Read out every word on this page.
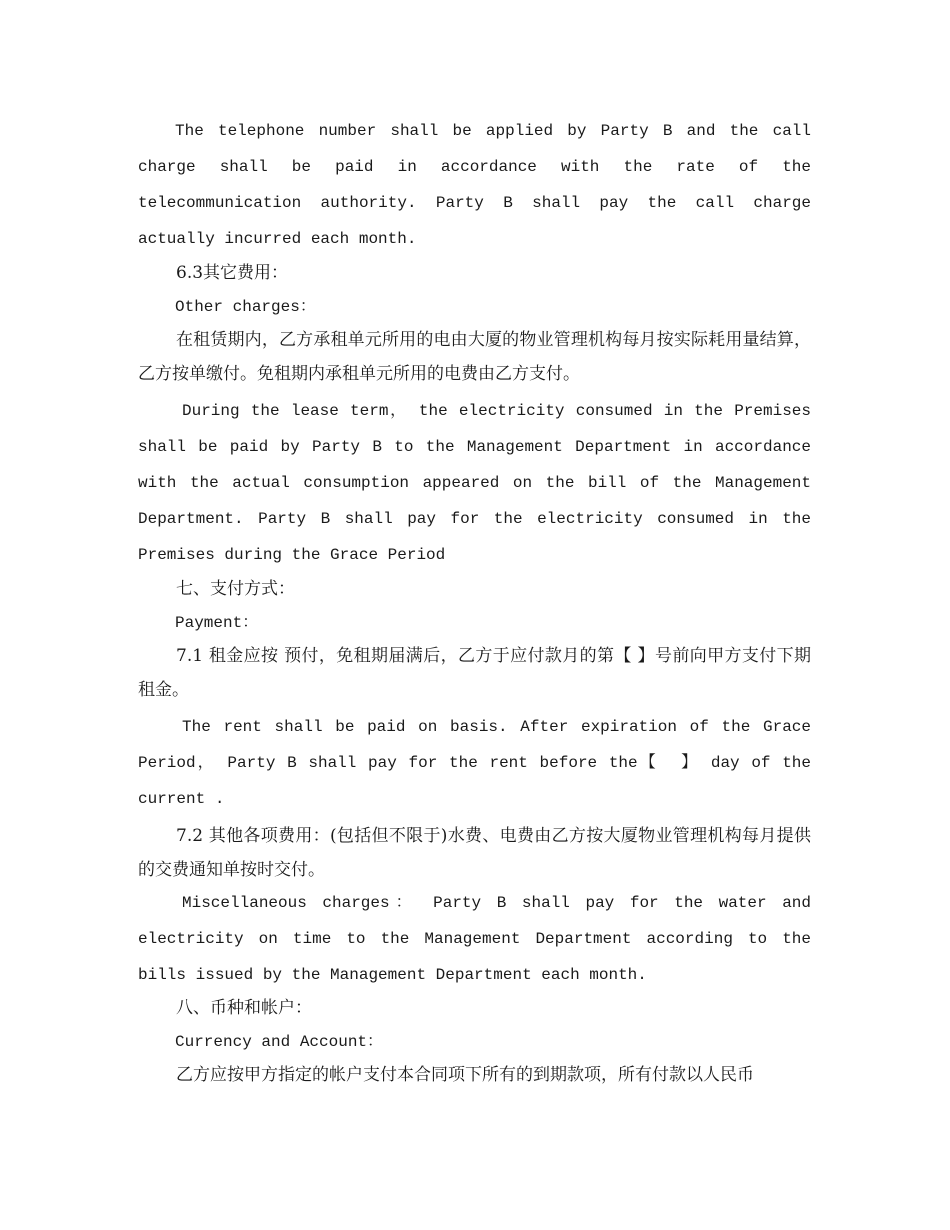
The telephone number shall be applied by Party B and the call charge shall be paid in accordance with the rate of the telecommunication authority. Party B shall pay the call charge actually incurred each month.

6.3其它费用：

Other charges：

在租赁期内，乙方承租单元所用的电由大厦的物业管理机构每月按实际耗用量结算，乙方按单缴付。免租期内承租单元所用的电费由乙方支付。

During the lease term， the electricity consumed in the Premises shall be paid by Party B to the Management Department in accordance with the actual consumption appeared on the bill of the Management Department. Party B shall pay for the electricity consumed in the Premises during the Grace Period

七、支付方式：

Payment：

7.1 租金应按 预付，免租期届满后，乙方于应付款月的第【 】号前向甲方支付下期租金。

The rent shall be paid on basis. After expiration of the Grace Period， Party B shall pay for the rent before the【  】 day of the current .

7.2 其他各项费用：(包括但不限于)水费、电费由乙方按大厦物业管理机构每月提供的交费通知单按时交付。

Miscellaneous charges： Party B shall pay for the water and electricity on time to the Management Department according to the bills issued by the Management Department each month.

八、币种和帐户：

Currency and Account：

乙方应按甲方指定的帐户支付本合同项下所有的到期款项，所有付款以人民币
